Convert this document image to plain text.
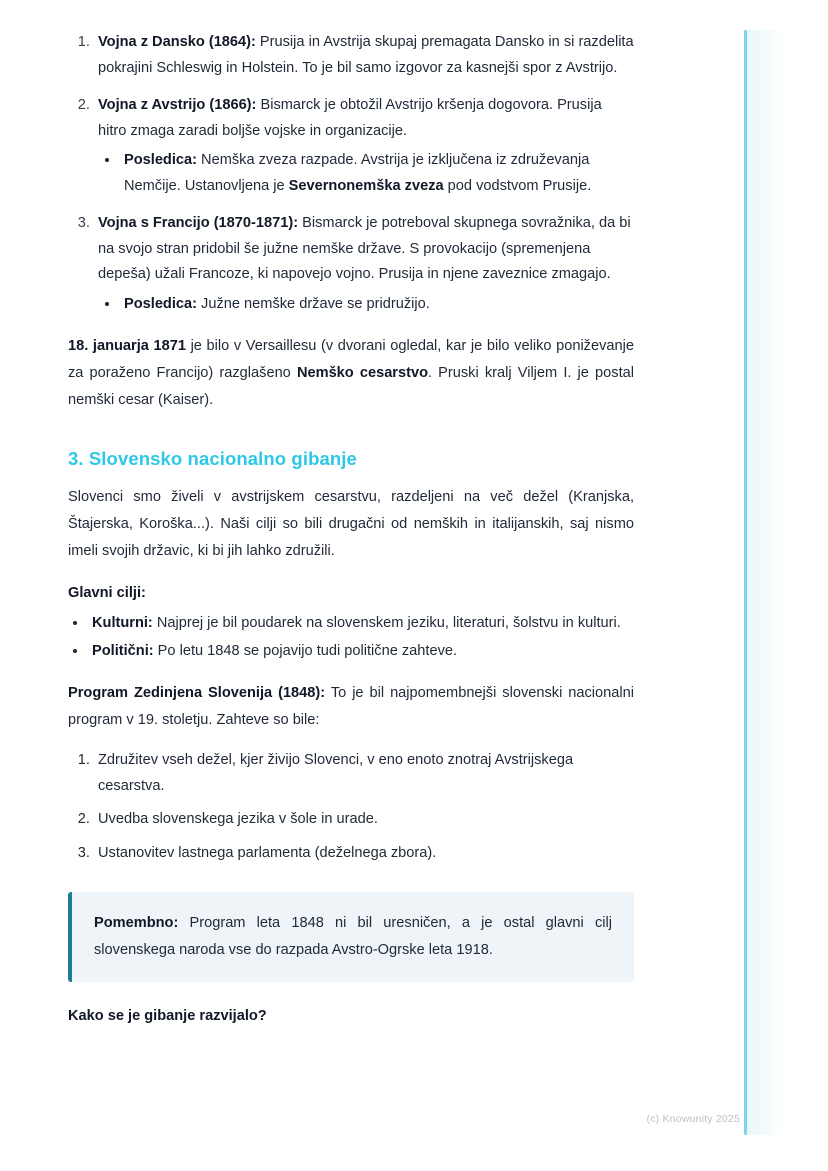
1. Vojna z Dansko (1864): Prusija in Avstrija skupaj premagata Dansko in si razdelita pokrajini Schleswig in Holstein. To je bil samo izgovor za kasnejši spor z Avstrijo.
2. Vojna z Avstrijo (1866): Bismarck je obtožil Avstrijo kršenja dogovora. Prusija hitro zmaga zaradi boljše vojske in organizacije.
• Posledica: Nemška zveza razpade. Avstrija je izključena iz združevanja Nemčije. Ustanovljena je Severnonemška zveza pod vodstvom Prusije.
3. Vojna s Francijo (1870-1871): Bismarck je potreboval skupnega sovražnika, da bi na svojo stran pridobil še južne nemške države. S provokacijo (spremenjena depeša) užali Francoze, ki napovejo vojno. Prusija in njene zaveznice zmagajo.
• Posledica: Južne nemške države se pridružijo.

18. januarja 1871 je bilo v Versaillesu (v dvorani ogledal, kar je bilo veliko poniževanje za poraženo Francijo) razglašeno Nemško cesarstvo. Pruski kralj Viljem I. je postal nemški cesar (Kaiser).

3. Slovensko nacionalno gibanje

Slovenci smo živeli v avstrijskem cesarstvu, razdeljeni na več dežel (Kranjska, Štajerska, Koroška...). Naši cilji so bili drugačni od nemških in italijanskih, saj nismo imeli svojih državic, ki bi jih lahko združili.

Glavni cilji:

• Kulturni: Najprej je bil poudarek na slovenskem jeziku, literaturi, šolstvu in kulturi.
• Politični: Po letu 1848 se pojavijo tudi politične zahteve.

Program Zedinjena Slovenija (1848): To je bil najpomembnejši slovenski nacionalni program v 19. stoletju. Zahteve so bile:

1. Združitev vseh dežel, kjer živijo Slovenci, v eno enoto znotraj Avstrijskega cesarstva.
2. Uvedba slovenskega jezika v šole in urade.
3. Ustanovitev lastnega parlamenta (deželnega zbora).

Pomembno: Program leta 1848 ni bil uresničen, a je ostal glavni cilj slovenskega naroda vse do razpada Avstro-Ogrske leta 1918.

Kako se je gibanje razvijalo?

(c) Knowunity 2025
